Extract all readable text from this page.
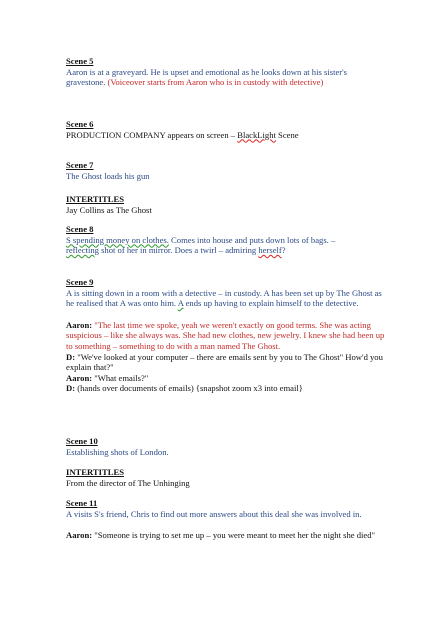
Scene 5
Aaron is at a graveyard. He is upset and emotional as he looks down at his sister's gravestone. (Voiceover starts from Aaron who is in custody with detective)
Scene 6
PRODUCTION COMPANY appears on screen – BlackLight Scene
Scene 7
The Ghost loads his gun
INTERTITLES
Jay Collins as The Ghost
Scene 8
S spending money on clothes. Comes into house and puts down lots of bags. –
reflecting shot of her in mirror. Does a twirl – admiring herself?
Scene 9
A is sitting down in a room with a detective – in custody. A has been set up by The Ghost as he realised that A was onto him. A ends up having to explain himself to the detective.
Aaron: "The last time we spoke, yeah we weren't exactly on good terms. She was acting suspicious – like she always was. She had new clothes, new jewelry. I knew she had been up to something – something to do with a man named The Ghost.
D: "We've looked at your computer – there are emails sent by you to The Ghost" How'd you explain that?"
Aaron: "What emails?"
D: (hands over documents of emails) {snapshot zoom x3 into email}
Scene 10
Establishing shots of London.
INTERTITLES
From the director of The Unhinging
Scene 11
A visits S's friend, Chris to find out more answers about this deal she was involved in.
Aaron: "Someone is trying to set me up – you were meant to meet her the night she died"
